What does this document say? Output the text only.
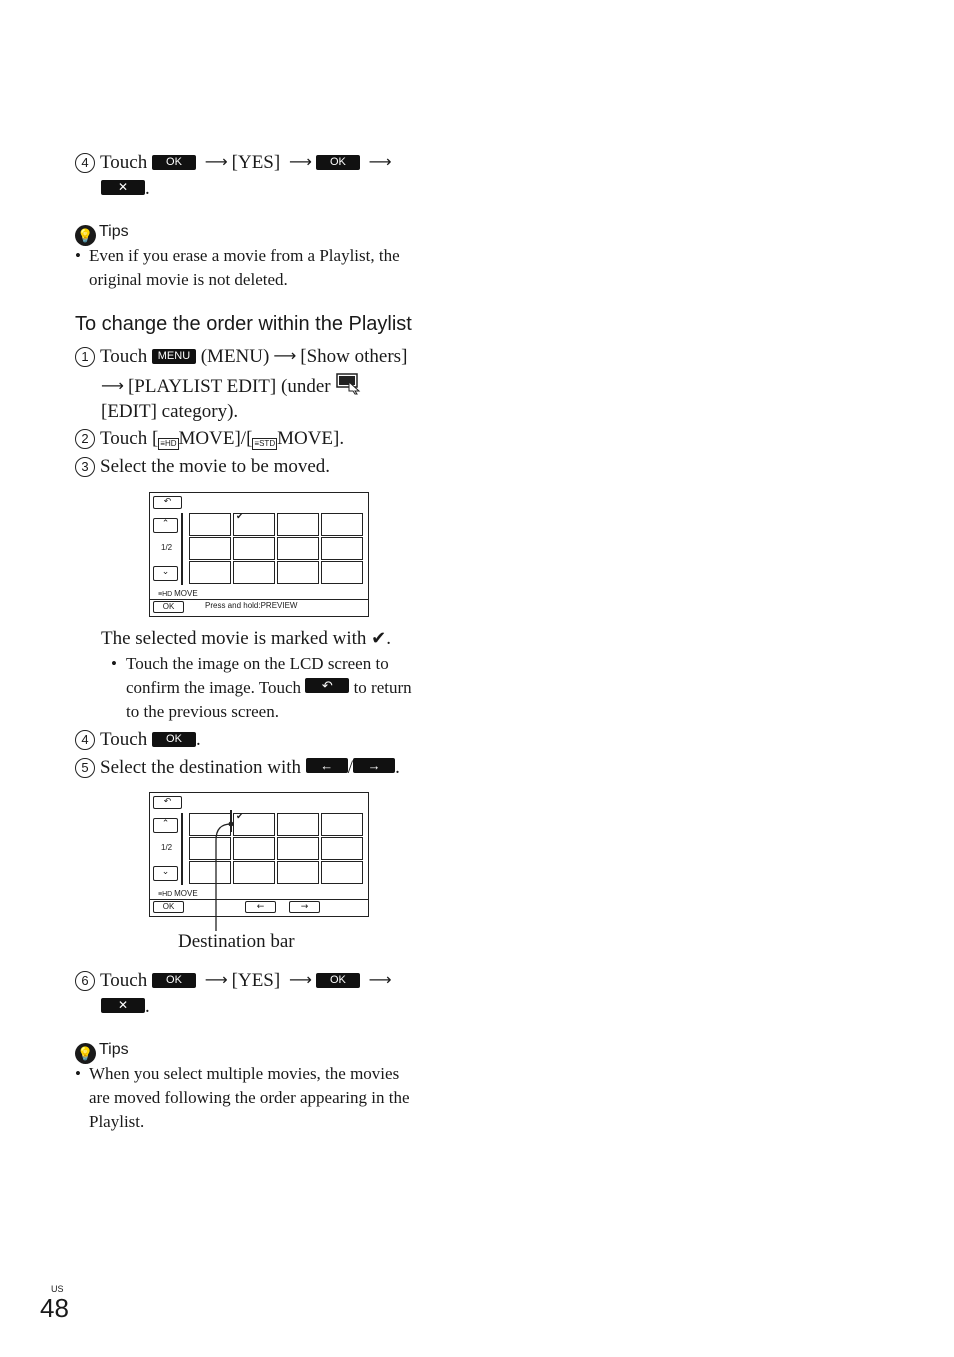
4 Touch OK ⟶ [YES] ⟶ OK ⟶
✕ .
💡 Tips
• Even if you erase a movie from a Playlist, the
original movie is not deleted.
To change the order within the Playlist
1 Touch MENU (MENU) ⟶ [Show others]
⟶ [PLAYLIST EDIT] (under
[EDIT] category).
2 Touch [ ≡HD MOVE]/[ ≡STD MOVE].
3 Select the movie to be moved.
↶
⌃
1/2
⌄
✔
≡HD MOVE
OK	Press and hold:PREVIEW
The selected movie is marked with ✔.
• Touch the image on the LCD screen to
confirm the image. Touch ↶ to return
to the previous screen.
4 Touch OK .
5 Select the destination with ← / → .
↶
⌃
1/2
⌄
✔
≡HD MOVE
OK	←	→
Destination bar
6 Touch OK ⟶ [YES] ⟶ OK ⟶
✕ .
💡 Tips
• When you select multiple movies, the movies
are moved following the order appearing in the
Playlist.
US
48
